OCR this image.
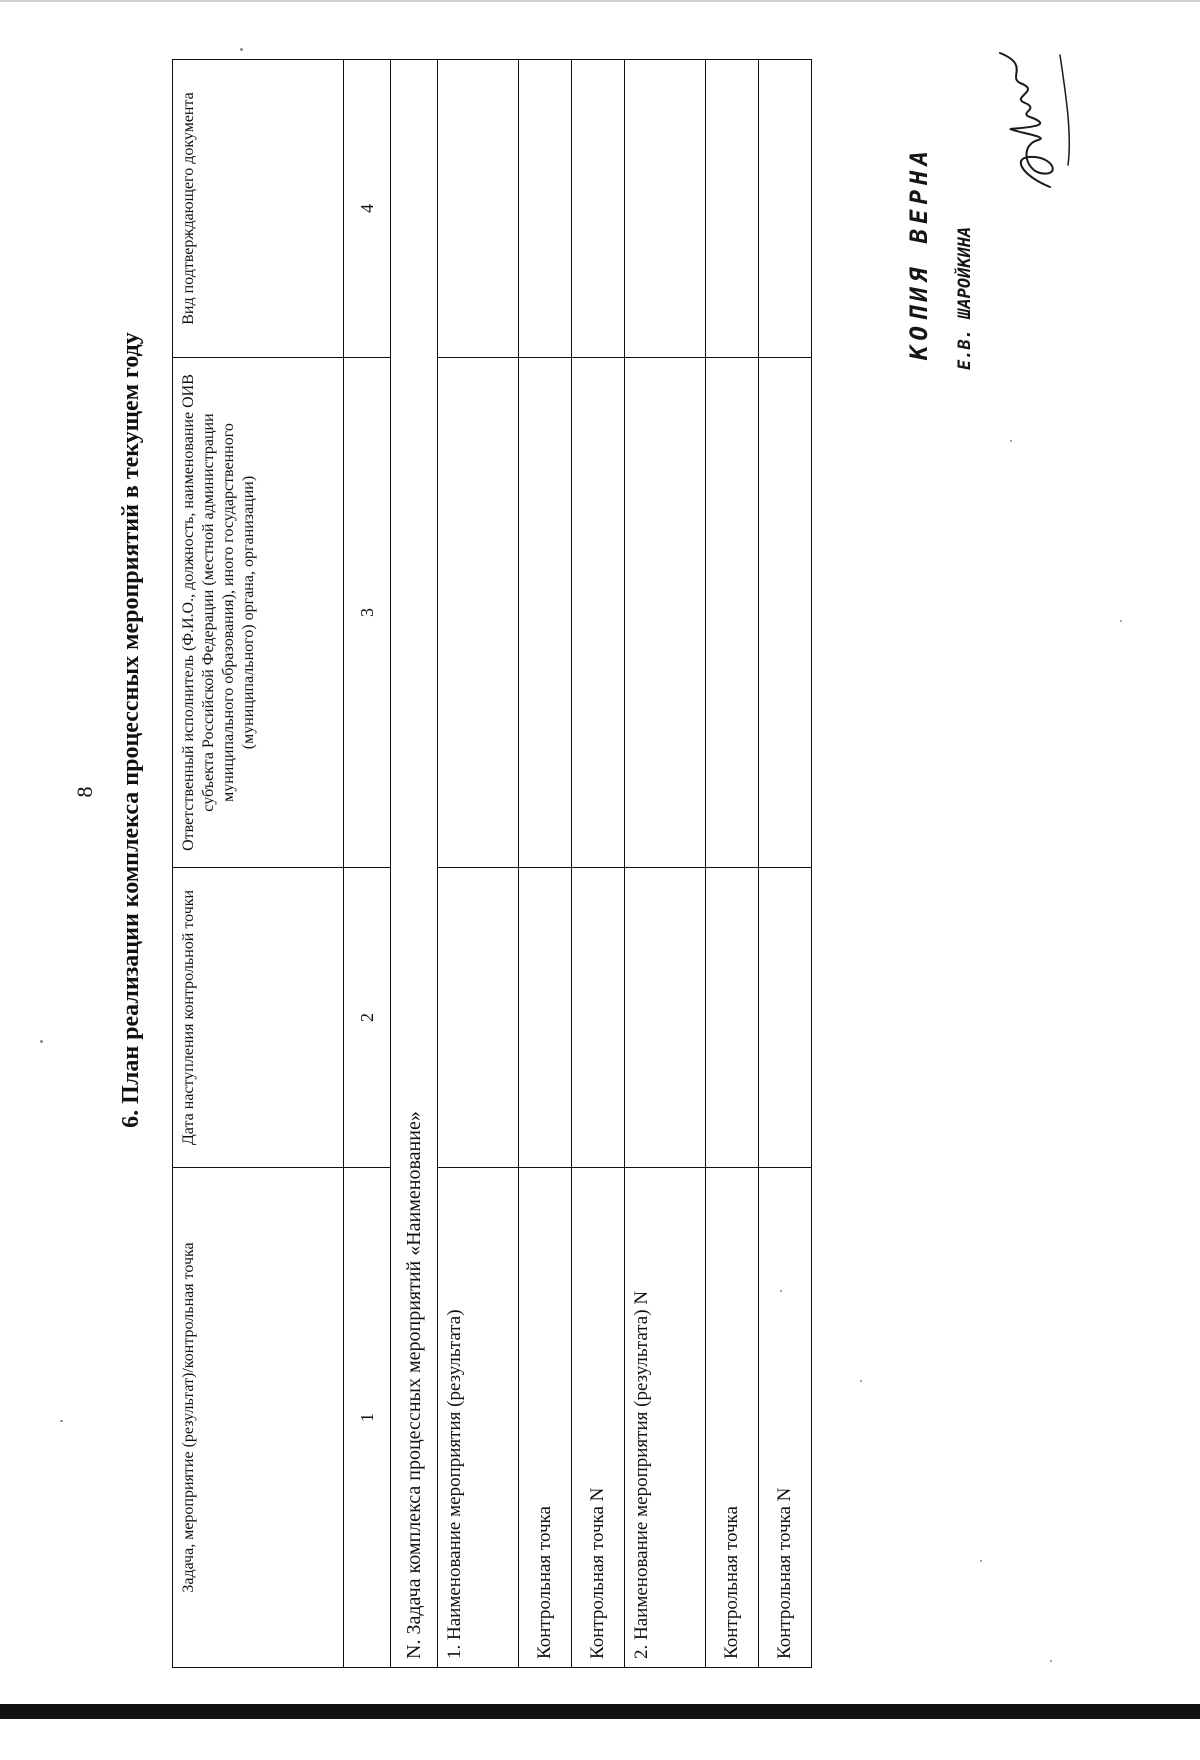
8 6. План реализации комплекса процессных мероприятий в текущем году
Задача, мероприятие (результат)/контрольная точка	Дата наступления контрольной точки	Ответственный исполнитель (Ф.И.О., должность, наименование ОИВ субъекта Российской Федерации (местной администрации муниципального образования), иного государственного (муниципального) органа, организации)	Вид подтверждающего документа
1	2	3	4
N. Задача комплекса процессных мероприятий «Наименование»			
1. Наименование мероприятия (результата)			
Контрольная точка			
Контрольная точка N			
2. Наименование мероприятия (результата) N			
Контрольная точка			
Контрольная точка N			
КОПИЯ ВЕРНА Е.В. ШАРОЙКИНА
